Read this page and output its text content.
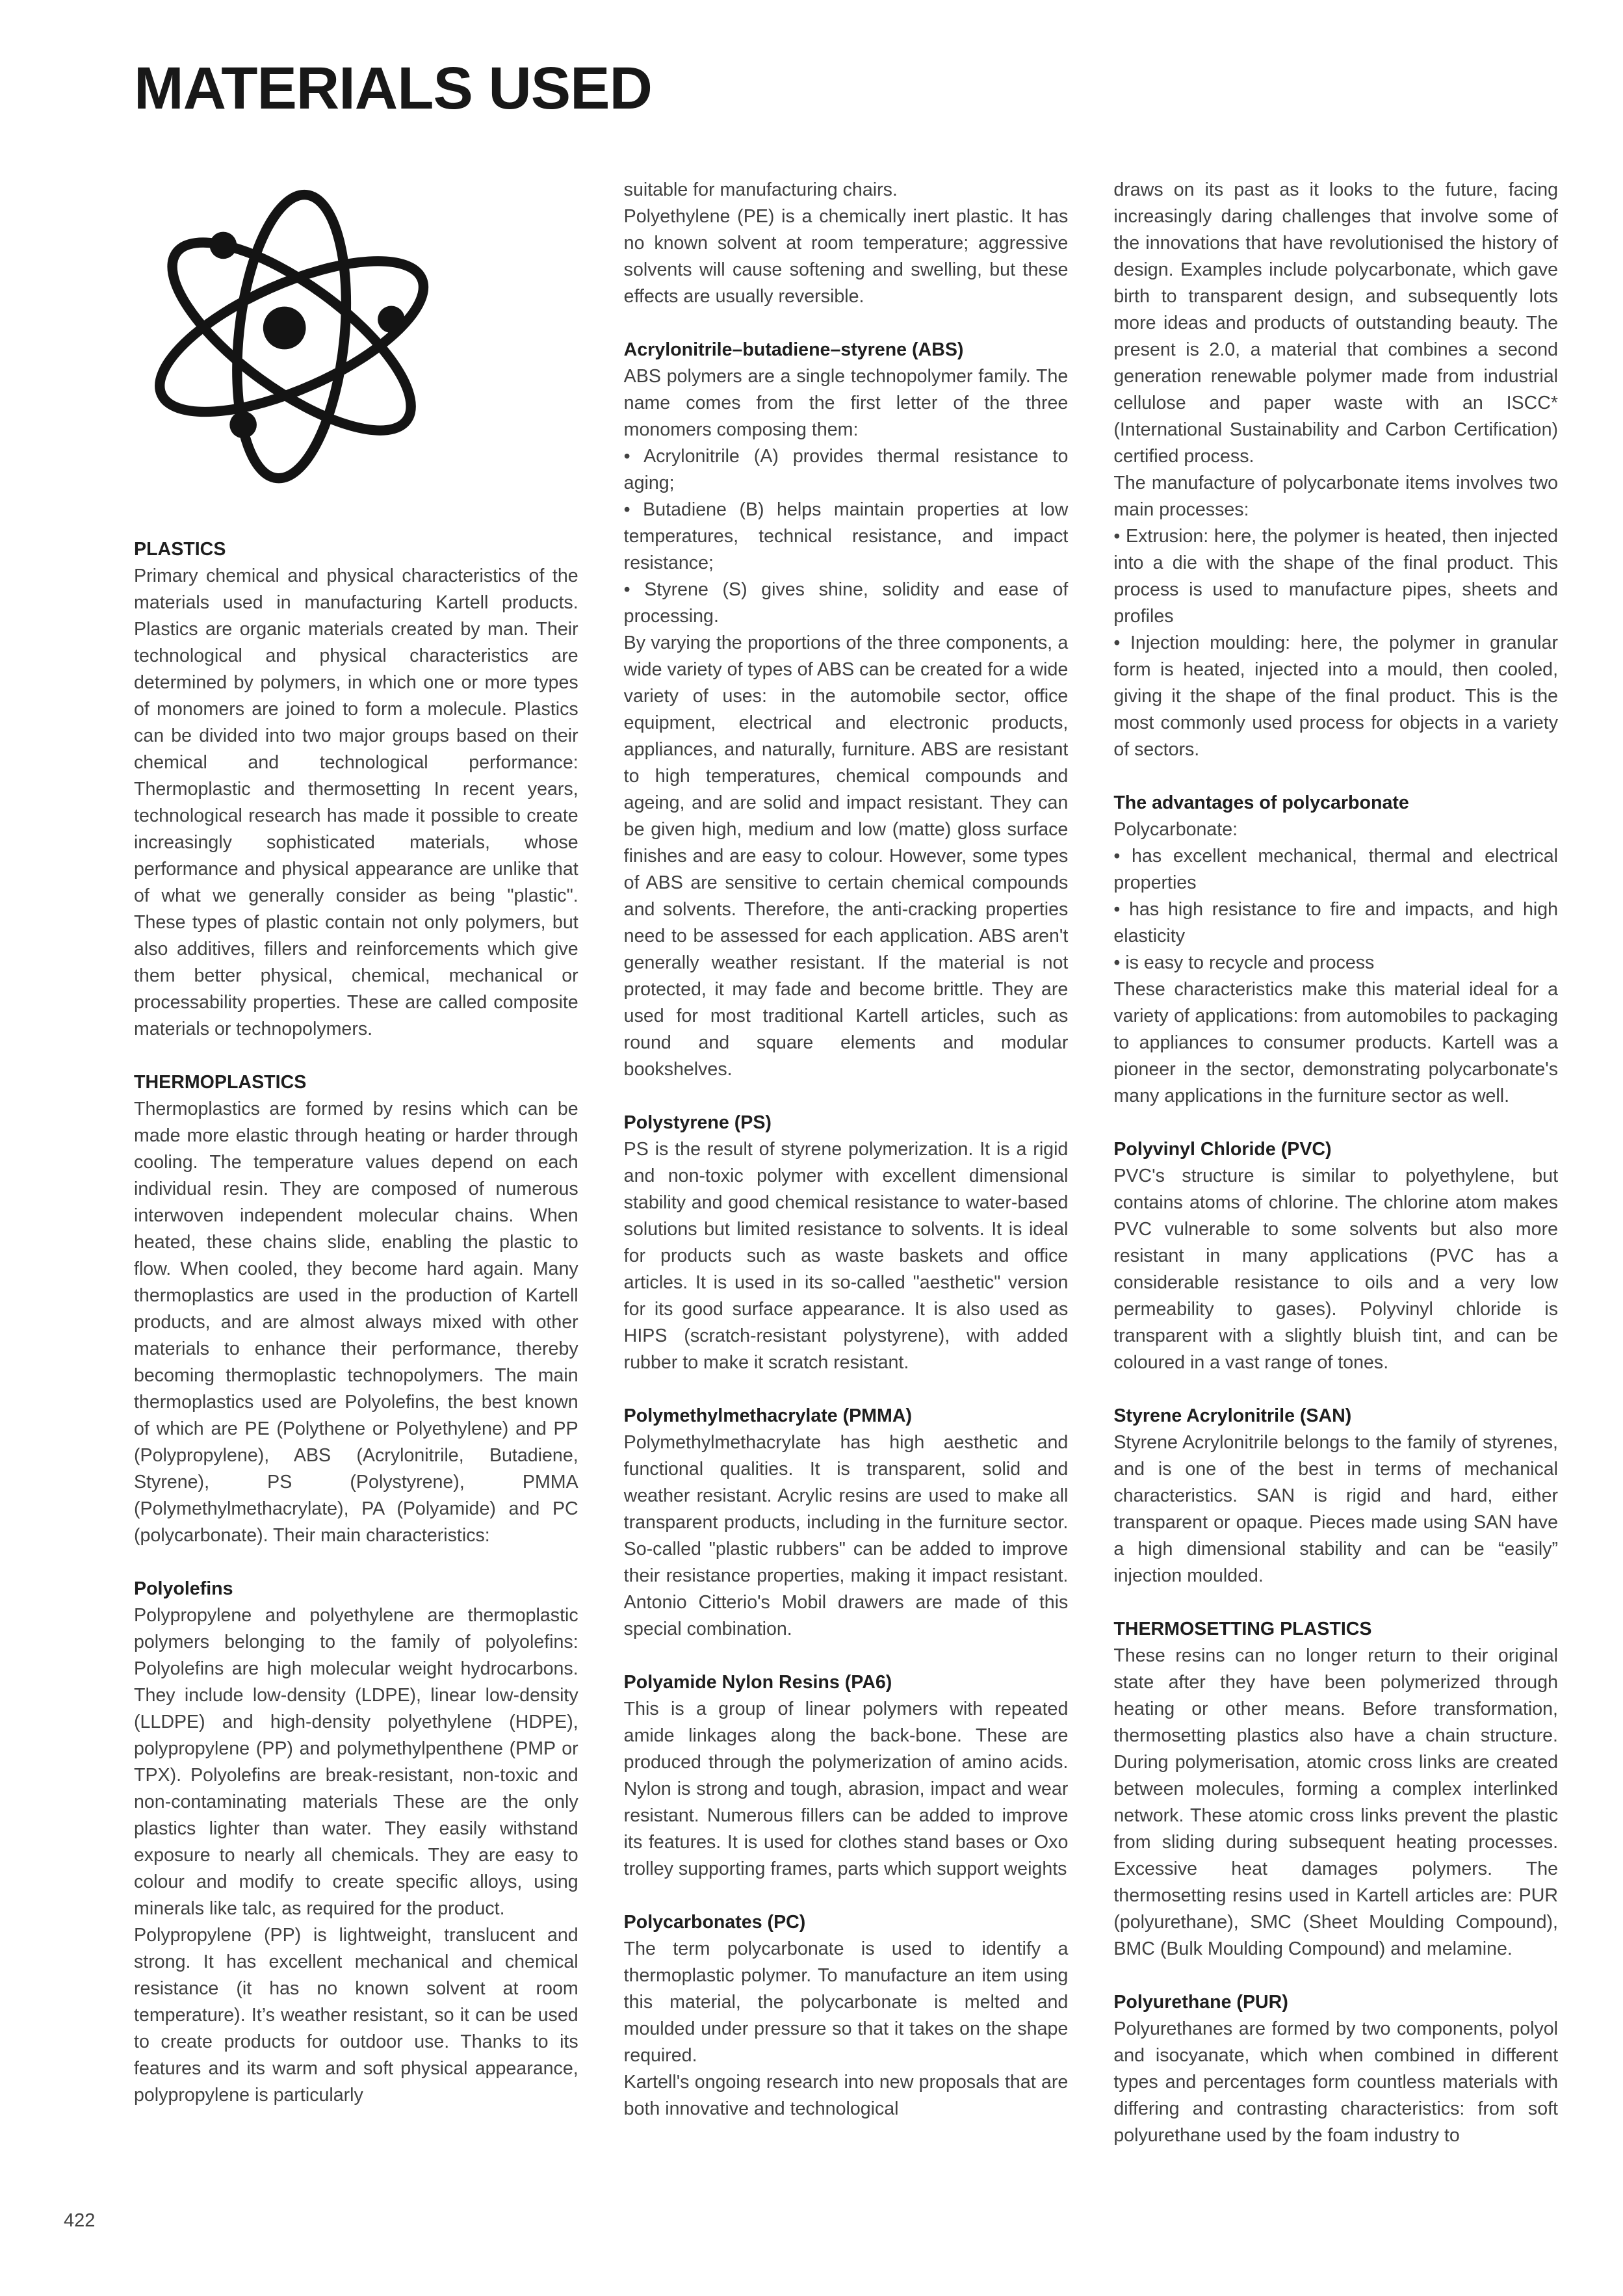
MATERIALS USED
PLASTICS

Primary chemical and physical characteristics of the materials used in manufacturing Kartell products. Plastics are organic materials created by man. Their technological and physical characteristics are determined by polymers, in which one or more types of monomers are joined to form a molecule. Plastics can be divided into two major groups based on their chemical and technological performance: Thermoplastic and thermosetting In recent years, technological research has made it possible to create increasingly sophisticated materials, whose performance and physical appearance are unlike that of what we generally consider as being "plastic". These types of plastic contain not only polymers, but also additives, fillers and reinforcements which give them better physical, chemical, mechanical or processability properties. These are called composite materials or technopolymers.

THERMOPLASTICS

Thermoplastics are formed by resins which can be made more elastic through heating or harder through cooling. The temperature values depend on each individual resin. They are composed of numerous interwoven independent molecular chains. When heated, these chains slide, enabling the plastic to flow. When cooled, they become hard again. Many thermoplastics are used in the production of Kartell products, and are almost always mixed with other materials to enhance their performance, thereby becoming thermoplastic technopolymers. The main thermoplastics used are Polyolefins, the best known of which are PE (Polythene or Polyethylene) and PP (Polypropylene), ABS (Acrylonitrile, Butadiene, Styrene), PS (Polystyrene), PMMA (Polymethylmethacrylate), PA (Polyamide) and PC (polycarbonate). Their main characteristics:

Polyolefins

Polypropylene and polyethylene are thermoplastic polymers belonging to the family of polyolefins: Polyolefins are high molecular weight hydrocarbons. They include low-density (LDPE), linear low-density (LLDPE) and high-density polyethylene (HDPE), polypropylene (PP) and polymethylpenthene (PMP or TPX). Polyolefins are break-resistant, non-toxic and non-contaminating materials These are the only plastics lighter than water. They easily withstand exposure to nearly all chemicals. They are easy to colour and modify to create specific alloys, using minerals like talc, as required for the product.

Polypropylene (PP) is lightweight, translucent and strong. It has excellent mechanical and chemical resistance (it has no known solvent at room temperature). It’s weather resistant, so it can be used to create products for outdoor use. Thanks to its features and its warm and soft physical appearance, polypropylene is particularly

suitable for manufacturing chairs.

Polyethylene (PE) is a chemically inert plastic. It has no known solvent at room temperature; aggressive solvents will cause softening and swelling, but these effects are usually reversible.

Acrylonitrile–butadiene–styrene (ABS)

ABS polymers are a single technopolymer family. The name comes from the first letter of the three monomers composing them:

• Acrylonitrile (A) provides thermal resistance to aging;

• Butadiene (B) helps maintain properties at low temperatures, technical resistance, and impact resistance;

• Styrene (S) gives shine, solidity and ease of processing.

By varying the proportions of the three components, a wide variety of types of ABS can be created for a wide variety of uses: in the automobile sector, office equipment, electrical and electronic products, appliances, and naturally, furniture. ABS are resistant to high temperatures, chemical compounds and ageing, and are solid and impact resistant. They can be given high, medium and low (matte) gloss surface finishes and are easy to colour. However, some types of ABS are sensitive to certain chemical compounds and solvents. Therefore, the anti-cracking properties need to be assessed for each application. ABS aren't generally weather resistant. If the material is not protected, it may fade and become brittle. They are used for most traditional Kartell articles, such as round and square elements and modular bookshelves.

Polystyrene (PS)

PS is the result of styrene polymerization. It is a rigid and non-toxic polymer with excellent dimensional stability and good chemical resistance to water-based solutions but limited resistance to solvents. It is ideal for products such as waste baskets and office articles. It is used in its so-called "aesthetic" version for its good surface appearance. It is also used as HIPS (scratch-resistant polystyrene), with added rubber to make it scratch resistant.

Polymethylmethacrylate (PMMA)

Polymethylmethacrylate has high aesthetic and functional qualities. It is transparent, solid and weather resistant. Acrylic resins are used to make all transparent products, including in the furniture sector. So-called "plastic rubbers" can be added to improve their resistance properties, making it impact resistant. Antonio Citterio's Mobil drawers are made of this special combination.

Polyamide Nylon Resins (PA6)

This is a group of linear polymers with repeated amide linkages along the back-bone. These are produced through the polymerization of amino acids. Nylon is strong and tough, abrasion, impact and wear resistant. Numerous fillers can be added to improve its features. It is used for clothes stand bases or Oxo trolley supporting frames, parts which support weights

Polycarbonates (PC)

The term polycarbonate is used to identify a thermoplastic polymer. To manufacture an item using this material, the polycarbonate is melted and moulded under pressure so that it takes on the shape required.

Kartell's ongoing research into new proposals that are both innovative and technological

draws on its past as it looks to the future, facing increasingly daring challenges that involve some of the innovations that have revolutionised the history of design. Examples include polycarbonate, which gave birth to transparent design, and subsequently lots more ideas and products of outstanding beauty. The present is 2.0, a material that combines a second generation renewable polymer made from industrial cellulose and paper waste with an ISCC* (International Sustainability and Carbon Certification) certified process.

The manufacture of polycarbonate items involves two main processes:

• Extrusion: here, the polymer is heated, then injected into a die with the shape of the final product. This process is used to manufacture pipes, sheets and profiles

• Injection moulding: here, the polymer in granular form is heated, injected into a mould, then cooled, giving it the shape of the final product. This is the most commonly used process for objects in a variety of sectors.

The advantages of polycarbonate

Polycarbonate:

• has excellent mechanical, thermal and electrical properties

• has high resistance to fire and impacts, and high elasticity

• is easy to recycle and process

These characteristics make this material ideal for a variety of applications: from automobiles to packaging to appliances to consumer products. Kartell was a pioneer in the sector, demonstrating polycarbonate's many applications in the furniture sector as well.

Polyvinyl Chloride (PVC)

PVC's structure is similar to polyethylene, but contains atoms of chlorine. The chlorine atom makes PVC vulnerable to some solvents but also more resistant in many applications (PVC has a considerable resistance to oils and a very low permeability to gases). Polyvinyl chloride is transparent with a slightly bluish tint, and can be coloured in a vast range of tones.

Styrene Acrylonitrile (SAN)

Styrene Acrylonitrile belongs to the family of styrenes, and is one of the best in terms of mechanical characteristics. SAN is rigid and hard, either transparent or opaque. Pieces made using SAN have a high dimensional stability and can be “easily” injection moulded.

THERMOSETTING PLASTICS

These resins can no longer return to their original state after they have been polymerized through heating or other means. Before transformation, thermosetting plastics also have a chain structure. During polymerisation, atomic cross links are created between molecules, forming a complex interlinked network. These atomic cross links prevent the plastic from sliding during subsequent heating processes. Excessive heat damages polymers. The thermosetting resins used in Kartell articles are: PUR (polyurethane), SMC (Sheet Moulding Compound), BMC (Bulk Moulding Compound) and melamine.

Polyurethane (PUR)

Polyurethanes are formed by two components, polyol and isocyanate, which when combined in different types and percentages form countless materials with differing and contrasting characteristics: from soft polyurethane used by the foam industry to

422
